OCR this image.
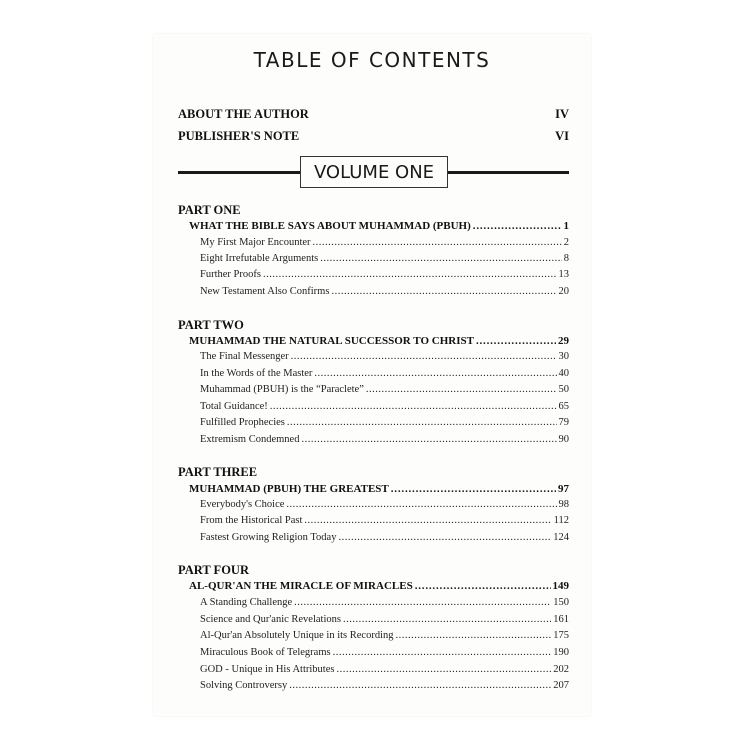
TABLE OF CONTENTS
ABOUT THE AUTHOR	IV
PUBLISHER'S NOTE	VI
VOLUME ONE
PART ONE
WHAT THE BIBLE SAYS ABOUT MUHAMMAD (PBUH) .....	1
My First Major Encounter .....	2
Eight Irrefutable Arguments .....	8
Further Proofs .....	13
New Testament Also Confirms .....	20
PART TWO
MUHAMMAD THE NATURAL SUCCESSOR TO CHRIST .....	29
The Final Messenger .....	30
In the Words of the Master .....	40
Muhammad (PBUH) is the “Paraclete” .....	50
Total Guidance! .....	65
Fulfilled Prophecies .....	79
Extremism Condemned .....	90
PART THREE
MUHAMMAD (PBUH) THE GREATEST .....	97
Everybody's Choice .....	98
From the Historical Past .....	112
Fastest Growing Religion Today .....	124
PART FOUR
AL-QUR'AN THE MIRACLE OF MIRACLES .....	149
A Standing Challenge .....	150
Science and Qur'anic Revelations .....	161
Al-Qur'an Absolutely Unique in its Recording .....	175
Miraculous Book of Telegrams .....	190
GOD - Unique in His Attributes .....	202
Solving Controversy .....	207
